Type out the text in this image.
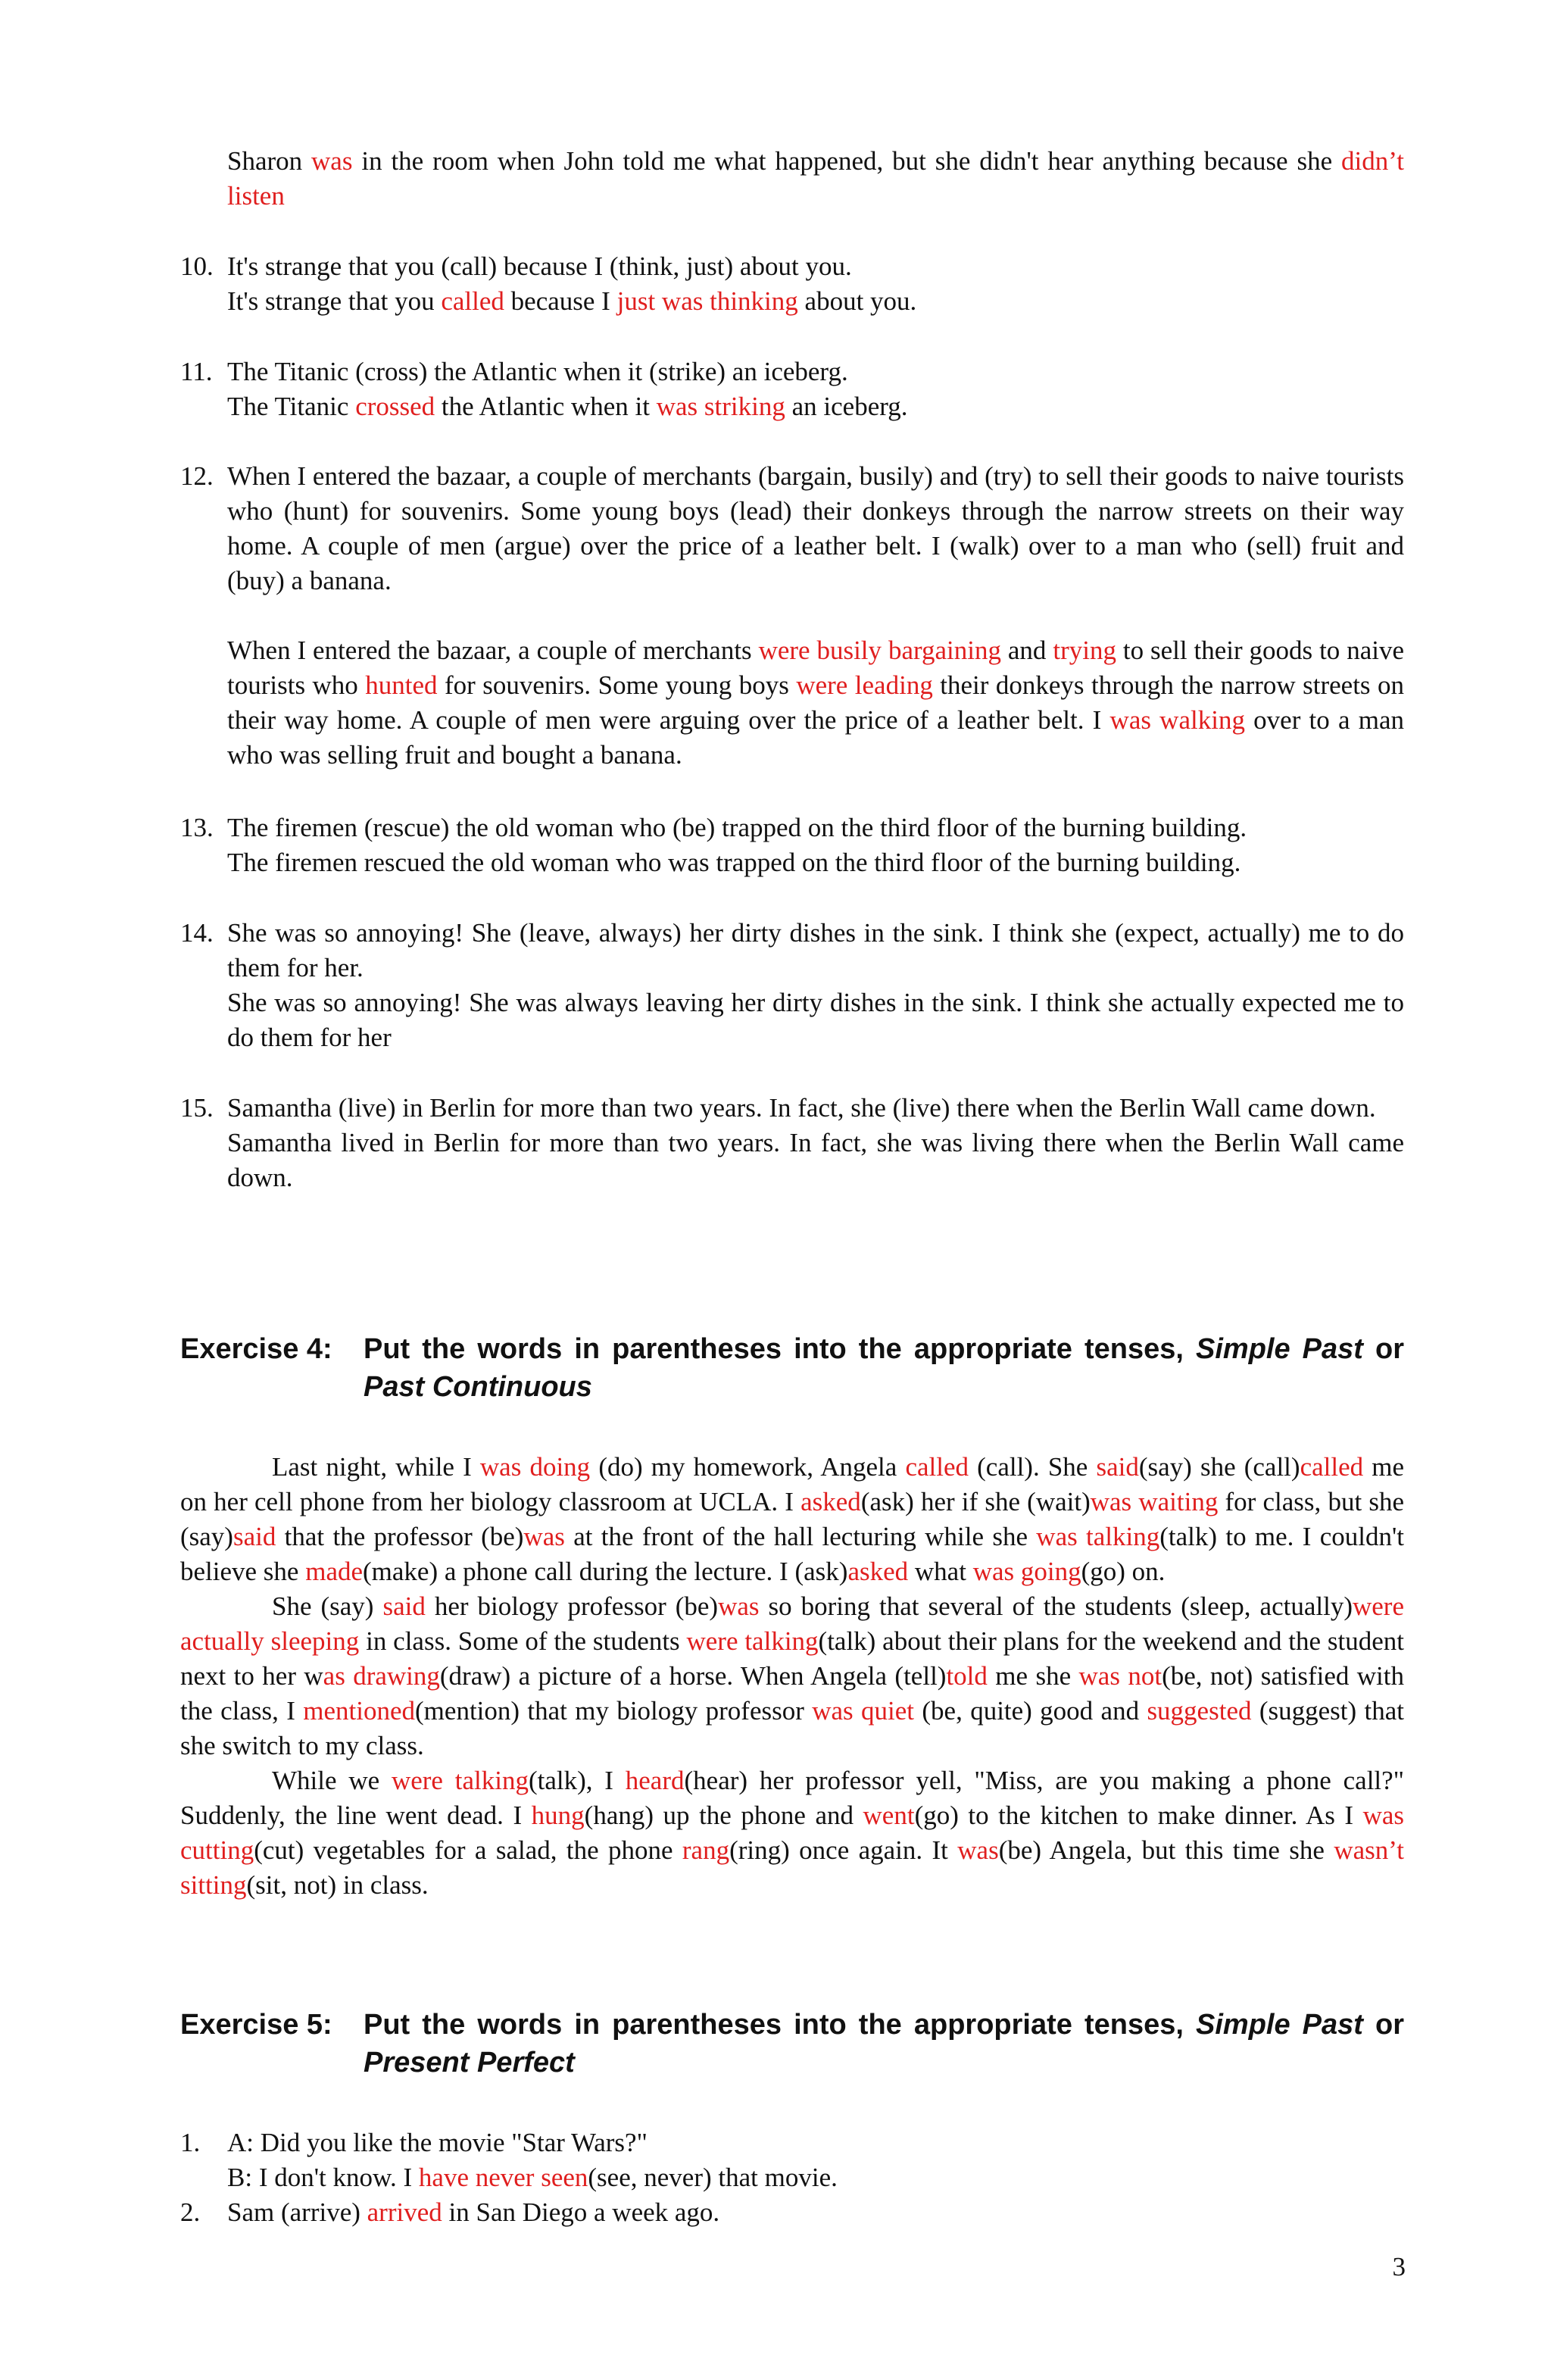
Sharon was in the room when John told me what happened, but she didn't hear anything because she didn’t listen

10. It's strange that you (call) because I (think, just) about you.

It's strange that you called because I just was thinking about you.

11. The Titanic (cross) the Atlantic when it (strike) an iceberg.

The Titanic crossed the Atlantic when it was striking an iceberg.

12. When I entered the bazaar, a couple of merchants (bargain, busily) and (try) to sell their goods to naive tourists who (hunt) for souvenirs. Some young boys (lead) their donkeys through the narrow streets on their way home. A couple of men (argue) over the price of a leather belt. I (walk) over to a man who (sell) fruit and (buy) a banana.

When I entered the bazaar, a couple of merchants were busily bargaining and trying to sell their goods to naive tourists who hunted for souvenirs. Some young boys were leading their donkeys through the narrow streets on their way home. A couple of men were arguing over the price of a leather belt. I was walking over to a man who was selling fruit and bought a banana.

13. The firemen (rescue) the old woman who (be) trapped on the third floor of the burning building.

The firemen rescued the old woman who was trapped on the third floor of the burning building.

14. She was so annoying! She (leave, always) her dirty dishes in the sink. I think she (expect, actually) me to do them for her.

She was so annoying! She was always leaving her dirty dishes in the sink. I think she actually expected me to do them for her

15. Samantha (live) in Berlin for more than two years. In fact, she (live) there when the Berlin Wall came down.

Samantha lived in Berlin for more than two years. In fact, she was living there when the Berlin Wall came down.

Exercise 4: Put the words in parentheses into the appropriate tenses, Simple Past or Past Continuous

Last night, while I was doing (do) my homework, Angela called (call). She said(say) she (call)called me on her cell phone from her biology classroom at UCLA. I asked(ask) her if she (wait)was waiting for class, but she (say)said that the professor (be)was at the front of the hall lecturing while she was talking(talk) to me. I couldn't believe she made(make) a phone call during the lecture. I (ask)asked what was going(go) on.

She (say) said her biology professor (be)was so boring that several of the students (sleep, actually)were actually sleeping in class. Some of the students were talking(talk) about their plans for the weekend and the student next to her was drawing(draw) a picture of a horse. When Angela (tell)told me she was not(be, not) satisfied with the class, I mentioned(mention) that my biology professor was quiet (be, quite) good and suggested (suggest) that she switch to my class.

While we were talking(talk), I heard(hear) her professor yell, "Miss, are you making a phone call?" Suddenly, the line went dead. I hung(hang) up the phone and went(go) to the kitchen to make dinner. As I was cutting(cut) vegetables for a salad, the phone rang(ring) once again. It was(be) Angela, but this time she wasn’t sitting(sit, not) in class.

Exercise 5: Put the words in parentheses into the appropriate tenses, Simple Past or Present Perfect
1. A: Did you like the movie "Star Wars?"

B: I don't know. I have never seen(see, never) that movie.

2. Sam (arrive) arrived in San Diego a week ago.

3
